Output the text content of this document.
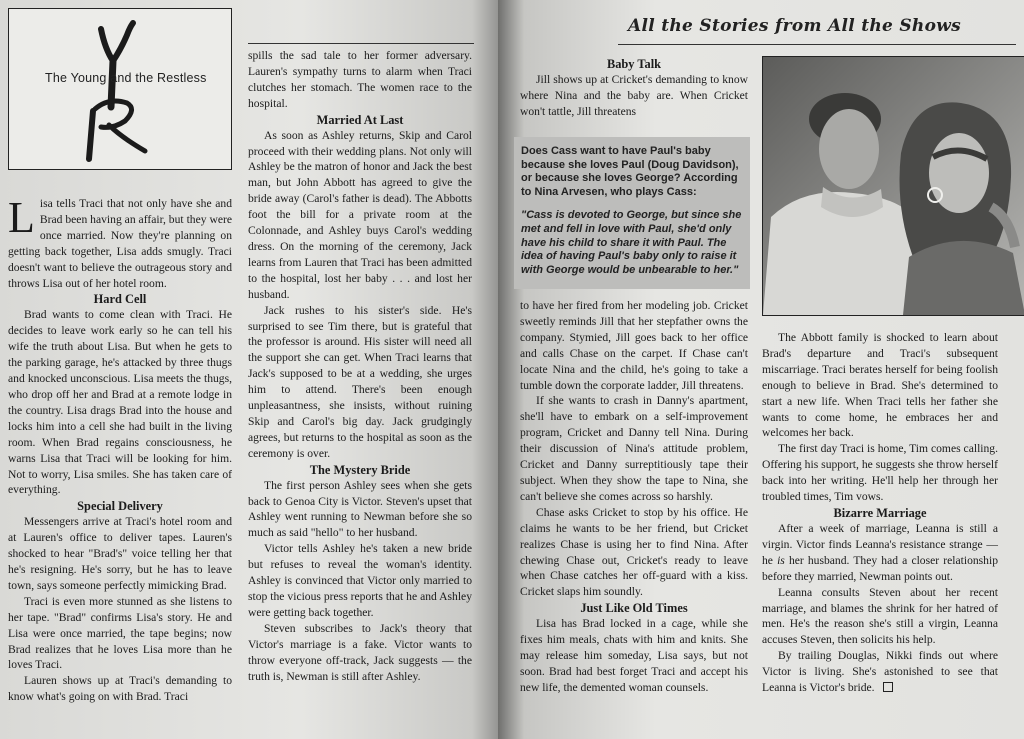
The Young and the Restless

Lisa tells Traci that not only have she and Brad been having an affair, but they were once married. Now they're planning on getting back together, Lisa adds smugly. Traci doesn't want to believe the outrageous story and throws Lisa out of her hotel room.

Hard Cell

Brad wants to come clean with Traci. He decides to leave work early so he can tell his wife the truth about Lisa. But when he gets to the parking garage, he's attacked by three thugs and knocked unconscious. Lisa meets the thugs, who drop off her and Brad at a remote lodge in the country. Lisa drags Brad into the house and locks him into a cell she had built in the living room. When Brad regains consciousness, he warns Lisa that Traci will be looking for him. Not to worry, Lisa smiles. She has taken care of everything.

Special Delivery

Messengers arrive at Traci's hotel room and at Lauren's office to deliver tapes. Lauren's shocked to hear "Brad's" voice telling her that he's resigning. He's sorry, but he has to leave town, says someone perfectly mimicking Brad.

Traci is even more stunned as she listens to her tape. "Brad" confirms Lisa's story. He and Lisa were once married, the tape begins; now Brad realizes that he loves Lisa more than he loves Traci.

Lauren shows up at Traci's demanding to know what's going on with Brad. Traci

spills the sad tale to her former adversary. Lauren's sympathy turns to alarm when Traci clutches her stomach. The women race to the hospital.

Married At Last

As soon as Ashley returns, Skip and Carol proceed with their wedding plans. Not only will Ashley be the matron of honor and Jack the best man, but John Abbott has agreed to give the bride away (Carol's father is dead). The Abbotts foot the bill for a private room at the Colonnade, and Ashley buys Carol's wedding dress. On the morning of the ceremony, Jack learns from Lauren that Traci has been admitted to the hospital, lost her baby . . . and lost her husband.

Jack rushes to his sister's side. He's surprised to see Tim there, but is grateful that the professor is around. His sister will need all the support she can get. When Traci learns that Jack's supposed to be at a wedding, she urges him to attend. There's been enough unpleasantness, she insists, without ruining Skip and Carol's big day. Jack grudgingly agrees, but returns to the hospital as soon as the ceremony is over.

The Mystery Bride

The first person Ashley sees when she gets back to Genoa City is Victor. Steven's upset that Ashley went running to Newman before she so much as said "hello" to her husband.

Victor tells Ashley he's taken a new bride but refuses to reveal the woman's identity. Ashley is convinced that Victor only married to stop the vicious press reports that he and Ashley were getting back together.

Steven subscribes to Jack's theory that Victor's marriage is a fake. Victor wants to throw everyone off-track, Jack suggests — the truth is, Newman is still after Ashley.

All the Stories from All the Shows
Baby Talk

Jill shows up at Cricket's demanding to know where Nina and the baby are. When Cricket won't tattle, Jill threatens

Does Cass want to have Paul's baby because she loves Paul (Doug Davidson), or because she loves George? According to Nina Arvesen, who plays Cass:

"Cass is devoted to George, but since she met and fell in love with Paul, she'd only have his child to share it with Paul. The idea of having Paul's baby only to raise it with George would be unbearable to her."

to have her fired from her modeling job. Cricket sweetly reminds Jill that her stepfather owns the company. Stymied, Jill goes back to her office and calls Chase on the carpet. If Chase can't locate Nina and the child, he's going to take a tumble down the corporate ladder, Jill threatens.

If she wants to crash in Danny's apartment, she'll have to embark on a self-improvement program, Cricket and Danny tell Nina. During their discussion of Nina's attitude problem, Cricket and Danny surreptitiously tape their subject. When they show the tape to Nina, she can't believe she comes across so harshly.

Chase asks Cricket to stop by his office. He claims he wants to be her friend, but Cricket realizes Chase is using her to find Nina. After chewing Chase out, Cricket's ready to leave when Chase catches her off-guard with a kiss. Cricket slaps him soundly.

Just Like Old Times

Lisa has Brad locked in a cage, while she fixes him meals, chats with him and knits. She may release him someday, Lisa says, but not soon. Brad had best forget Traci and accept his new life, the demented woman counsels.

The Abbott family is shocked to learn about Brad's departure and Traci's subsequent miscarriage. Traci berates herself for being foolish enough to believe in Brad. She's determined to start a new life. When Traci tells her father she wants to come home, he embraces her and welcomes her back.

The first day Traci is home, Tim comes calling. Offering his support, he suggests she throw herself back into her writing. He'll help her through her troubled times, Tim vows.

Bizarre Marriage

After a week of marriage, Leanna is still a virgin. Victor finds Leanna's resistance strange — he is her husband. They had a closer relationship before they married, Newman points out.

Leanna consults Steven about her recent marriage, and blames the shrink for her hatred of men. He's the reason she's still a virgin, Leanna accuses Steven, then solicits his help.

By trailing Douglas, Nikki finds out where Victor is living. She's astonished to see that Leanna is Victor's bride.
